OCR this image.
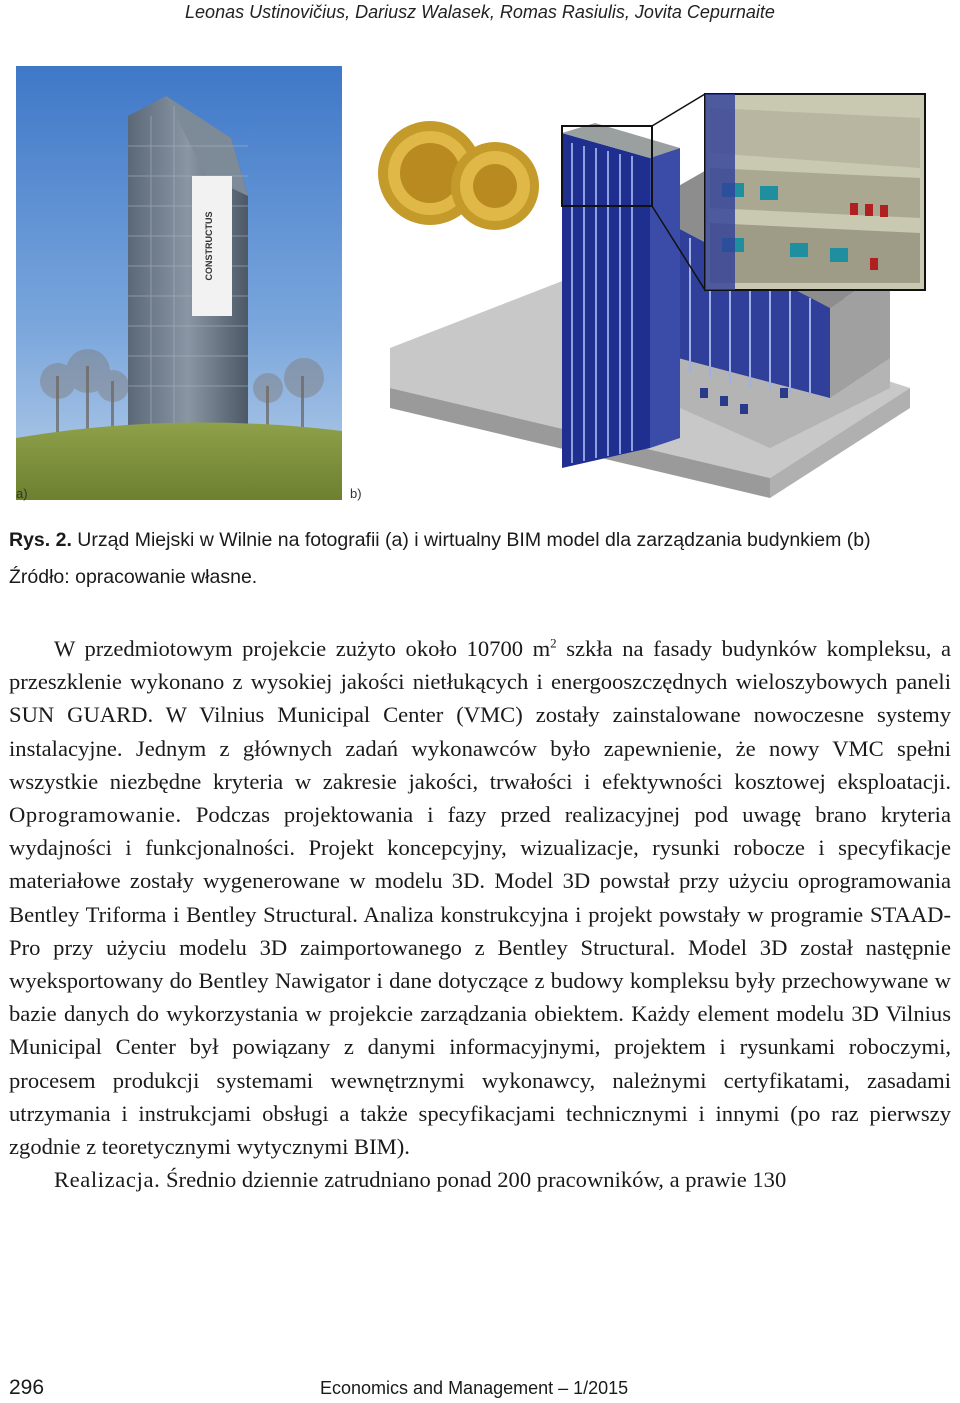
Leonas Ustinovičius, Dariusz Walasek, Romas Rasiulis, Jovita Cepurnaite
CONSTRUCTUS
a)	b)
Rys. 2. Urząd Miejski w Wilnie na fotografii (a) i wirtualny BIM model dla zarządzania budynkiem (b)
Źródło: opracowanie własne.

W przedmiotowym projekcie zużyto około 10700 $m^2$ szkła na fasady budynków kompleksu, a przeszklenie wykonano z wysokiej jakości nietłukących i energooszczędnych wieloszybowych paneli SUN GUARD. W Vilnius Municipal Center (VMC) zostały zainstalowane nowoczesne systemy instalacyjne. Jednym z głównych zadań wykonawców było zapewnienie, że nowy VMC spełni wszystkie niezbędne kryteria w zakresie jakości, trwałości i efektywności kosztowej eksploatacji. Oprogramowanie. Podczas projektowania i fazy przed realizacyjnej pod uwagę brano kryteria wydajności i funkcjonalności. Projekt koncepcyjny, wizualizacje, rysunki robocze i specyfikacje materiałowe zostały wygenerowane w modelu 3D. Model 3D powstał przy użyciu oprogramowania Bentley Triforma i Bentley Structural. Analiza konstrukcyjna i projekt powstały w programie STAAD-Pro przy użyciu modelu 3D zaimportowanego z Bentley Structural. Model 3D został następnie wyeksportowany do Bentley Nawigator i dane dotyczące z budowy kompleksu były przechowywane w bazie danych do wykorzystania w projekcie zarządzania obiektem. Każdy element modelu 3D Vilnius Municipal Center był powiązany z danymi informacyjnymi, projektem i rysunkami roboczymi, procesem produkcji systemami wewnętrznymi wykonawcy, należnymi certyfikatami, zasadami utrzymania i instrukcjami obsługi a także specyfikacjami technicznymi i innymi (po raz pierwszy zgodnie z teoretycznymi wytycznymi BIM).

Realizacja. Średnio dziennie zatrudniano ponad 200 pracowników, a prawie 130

296	Economics and Management – 1/2015
